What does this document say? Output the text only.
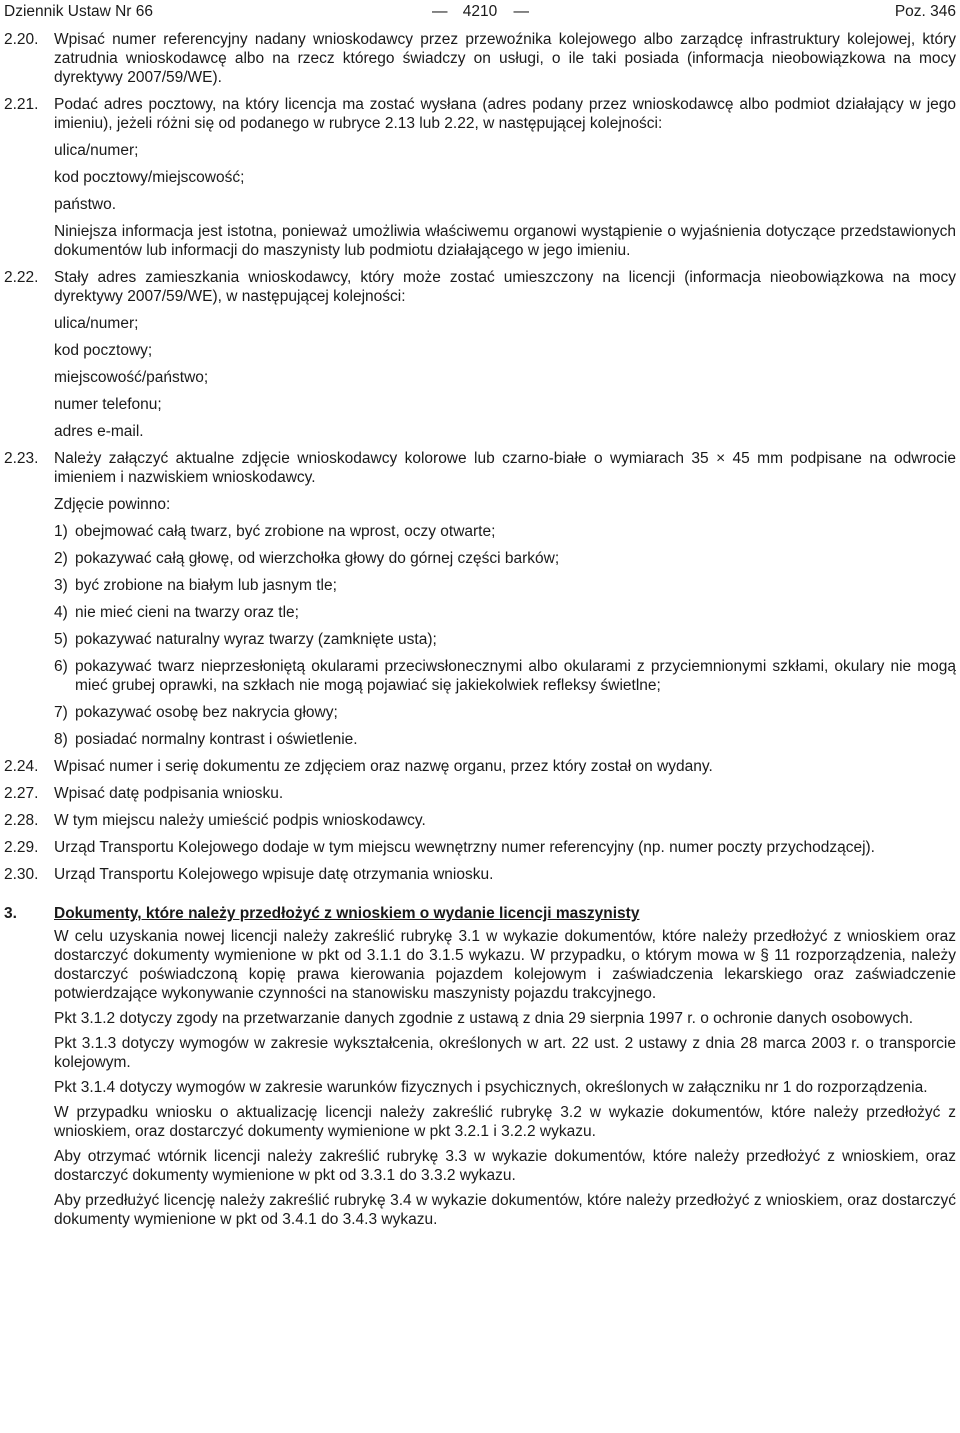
Dziennik Ustaw Nr 66	—    4210    —	Poz. 346
2.20. Wpisać numer referencyjny nadany wnioskodawcy przez przewoźnika kolejowego albo zarządcę infrastruktury kolejowej, który zatrudnia wnioskodawcę albo na rzecz którego świadczy on usługi, o ile taki posiada (informacja nieobowiązkowa na mocy dyrektywy 2007/59/WE).
2.21. Podać adres pocztowy, na który licencja ma zostać wysłana (adres podany przez wnioskodawcę albo podmiot działający w jego imieniu), jeżeli różni się od podanego w rubryce 2.13 lub 2.22, w następującej kolejności:
ulica/numer;
kod pocztowy/miejscowość;
państwo.
Niniejsza informacja jest istotna, ponieważ umożliwia właściwemu organowi wystąpienie o wyjaśnienia dotyczące przedstawionych dokumentów lub informacji do maszynisty lub podmiotu działającego w jego imieniu.
2.22. Stały adres zamieszkania wnioskodawcy, który może zostać umieszczony na licencji (informacja nieobowiązkowa na mocy dyrektywy 2007/59/WE), w następującej kolejności:
ulica/numer;
kod pocztowy;
miejscowość/państwo;
numer telefonu;
adres e-mail.
2.23. Należy załączyć aktualne zdjęcie wnioskodawcy kolorowe lub czarno-białe o wymiarach 35 × 45 mm podpisane na odwrocie imieniem i nazwiskiem wnioskodawcy.
Zdjęcie powinno:
1) obejmować całą twarz, być zrobione na wprost, oczy otwarte;
2) pokazywać całą głowę, od wierzchołka głowy do górnej części barków;
3) być zrobione na białym lub jasnym tle;
4) nie mieć cieni na twarzy oraz tle;
5) pokazywać naturalny wyraz twarzy (zamknięte usta);
6) pokazywać twarz nieprzesłoniętą okularami przeciwsłonecznymi albo okularami z przyciemnionymi szkłami, okulary nie mogą mieć grubej oprawki, na szkłach nie mogą pojawiać się jakiekolwiek refleksy świetlne;
7) pokazywać osobę bez nakrycia głowy;
8) posiadać normalny kontrast i oświetlenie.
2.24. Wpisać numer i serię dokumentu ze zdjęciem oraz nazwę organu, przez który został on wydany.
2.27. Wpisać datę podpisania wniosku.
2.28. W tym miejscu należy umieścić podpis wnioskodawcy.
2.29. Urząd Transportu Kolejowego dodaje w tym miejscu wewnętrzny numer referencyjny (np. numer poczty przychodzącej).
2.30. Urząd Transportu Kolejowego wpisuje datę otrzymania wniosku.
3. Dokumenty, które należy przedłożyć z wnioskiem o wydanie licencji maszynisty
W celu uzyskania nowej licencji należy zakreślić rubrykę 3.1 w wykazie dokumentów, które należy przedłożyć z wnioskiem oraz dostarczyć dokumenty wymienione w pkt od 3.1.1 do 3.1.5 wykazu. W przypadku, o którym mowa w § 11 rozporządzenia, należy dostarczyć poświadczoną kopię prawa kierowania pojazdem kolejowym i zaświadczenia lekarskiego oraz zaświadczenie potwierdzające wykonywanie czynności na stanowisku maszynisty pojazdu trakcyjnego.
Pkt 3.1.2 dotyczy zgody na przetwarzanie danych zgodnie z ustawą z dnia 29 sierpnia 1997 r. o ochronie danych osobowych.
Pkt 3.1.3 dotyczy wymogów w zakresie wykształcenia, określonych w art. 22 ust. 2 ustawy z dnia 28 marca 2003 r. o transporcie kolejowym.
Pkt 3.1.4 dotyczy wymogów w zakresie warunków fizycznych i psychicznych, określonych w załączniku nr 1 do rozporządzenia.
W przypadku wniosku o aktualizację licencji należy zakreślić rubrykę 3.2 w wykazie dokumentów, które należy przedłożyć z wnioskiem, oraz dostarczyć dokumenty wymienione w pkt 3.2.1 i 3.2.2 wykazu.
Aby otrzymać wtórnik licencji należy zakreślić rubrykę 3.3 w wykazie dokumentów, które należy przedłożyć z wnioskiem, oraz dostarczyć dokumenty wymienione w pkt od 3.3.1 do 3.3.2 wykazu.
Aby przedłużyć licencję należy zakreślić rubrykę 3.4 w wykazie dokumentów, które należy przedłożyć z wnioskiem, oraz dostarczyć dokumenty wymienione w pkt od 3.4.1 do 3.4.3 wykazu.
